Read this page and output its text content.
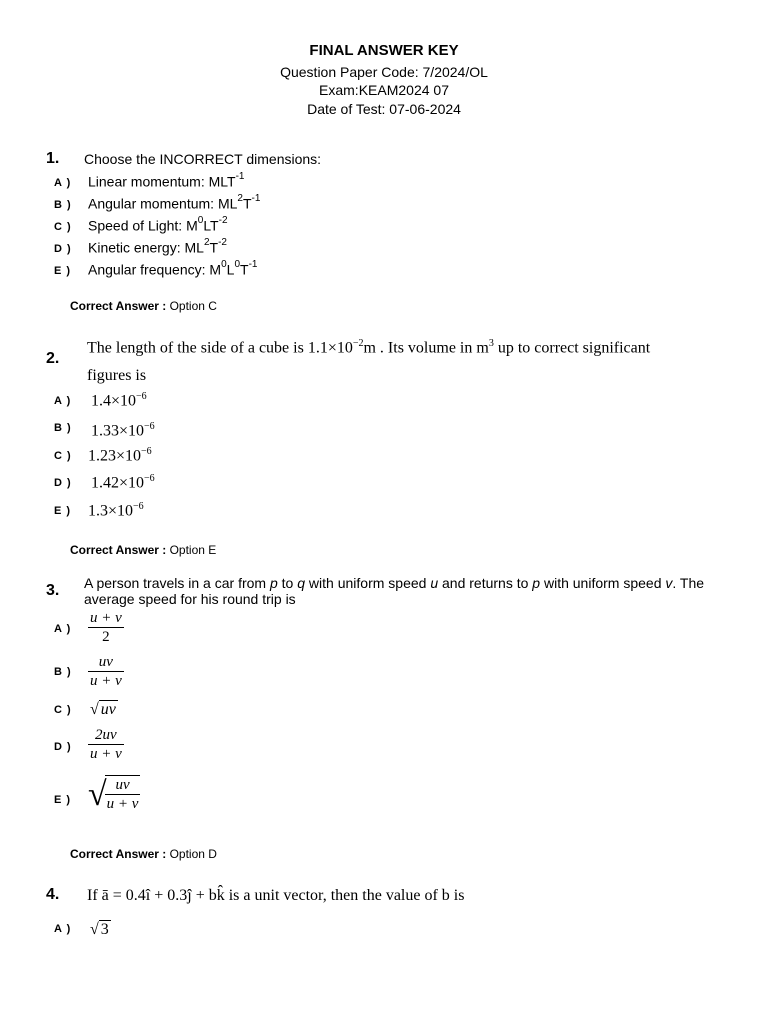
FINAL ANSWER KEY
Question Paper Code: 7/2024/OL
Exam:KEAM2024 07
Date of Test: 07-06-2024
1. Choose the INCORRECT dimensions:
A ) Linear momentum: $MLT^{-1}$
B ) Angular momentum: $ML^2T^{-1}$
C ) Speed of Light: $M^0LT^{-2}$
D ) Kinetic energy: $ML^2T^{-2}$
E ) Angular frequency: $M^0L^0T^{-1}$
Correct Answer : Option C
2.
The length of the side of a cube is $1.1\times 10^{-2}m$ . Its volume in $m^3$ up to correct significant
figures is
A ) $1.4\times 10^{-6}$
B ) $1.33\times 10^{-6}$
C ) $1.23\times 10^{-6}$
D ) $1.42\times 10^{-6}$
E ) $1.3\times 10^{-6}$
Correct Answer : Option E
3. A person travels in a car from p to q with uniform speed u and returns to p with uniform speed v. The
average speed for his round trip is
A ) $\frac{u + v}{2}$
B ) $\frac{uv}{u + v}$
C ) √ uv
D ) $\frac{2uv}{u + v}$
E ) √
$\frac{uv}{u + v}$
Correct Answer : Option D
4. If ā = 0.4î + 0.3ĵ + bk̂ is a unit vector, then the value of b is
A ) √ 3
